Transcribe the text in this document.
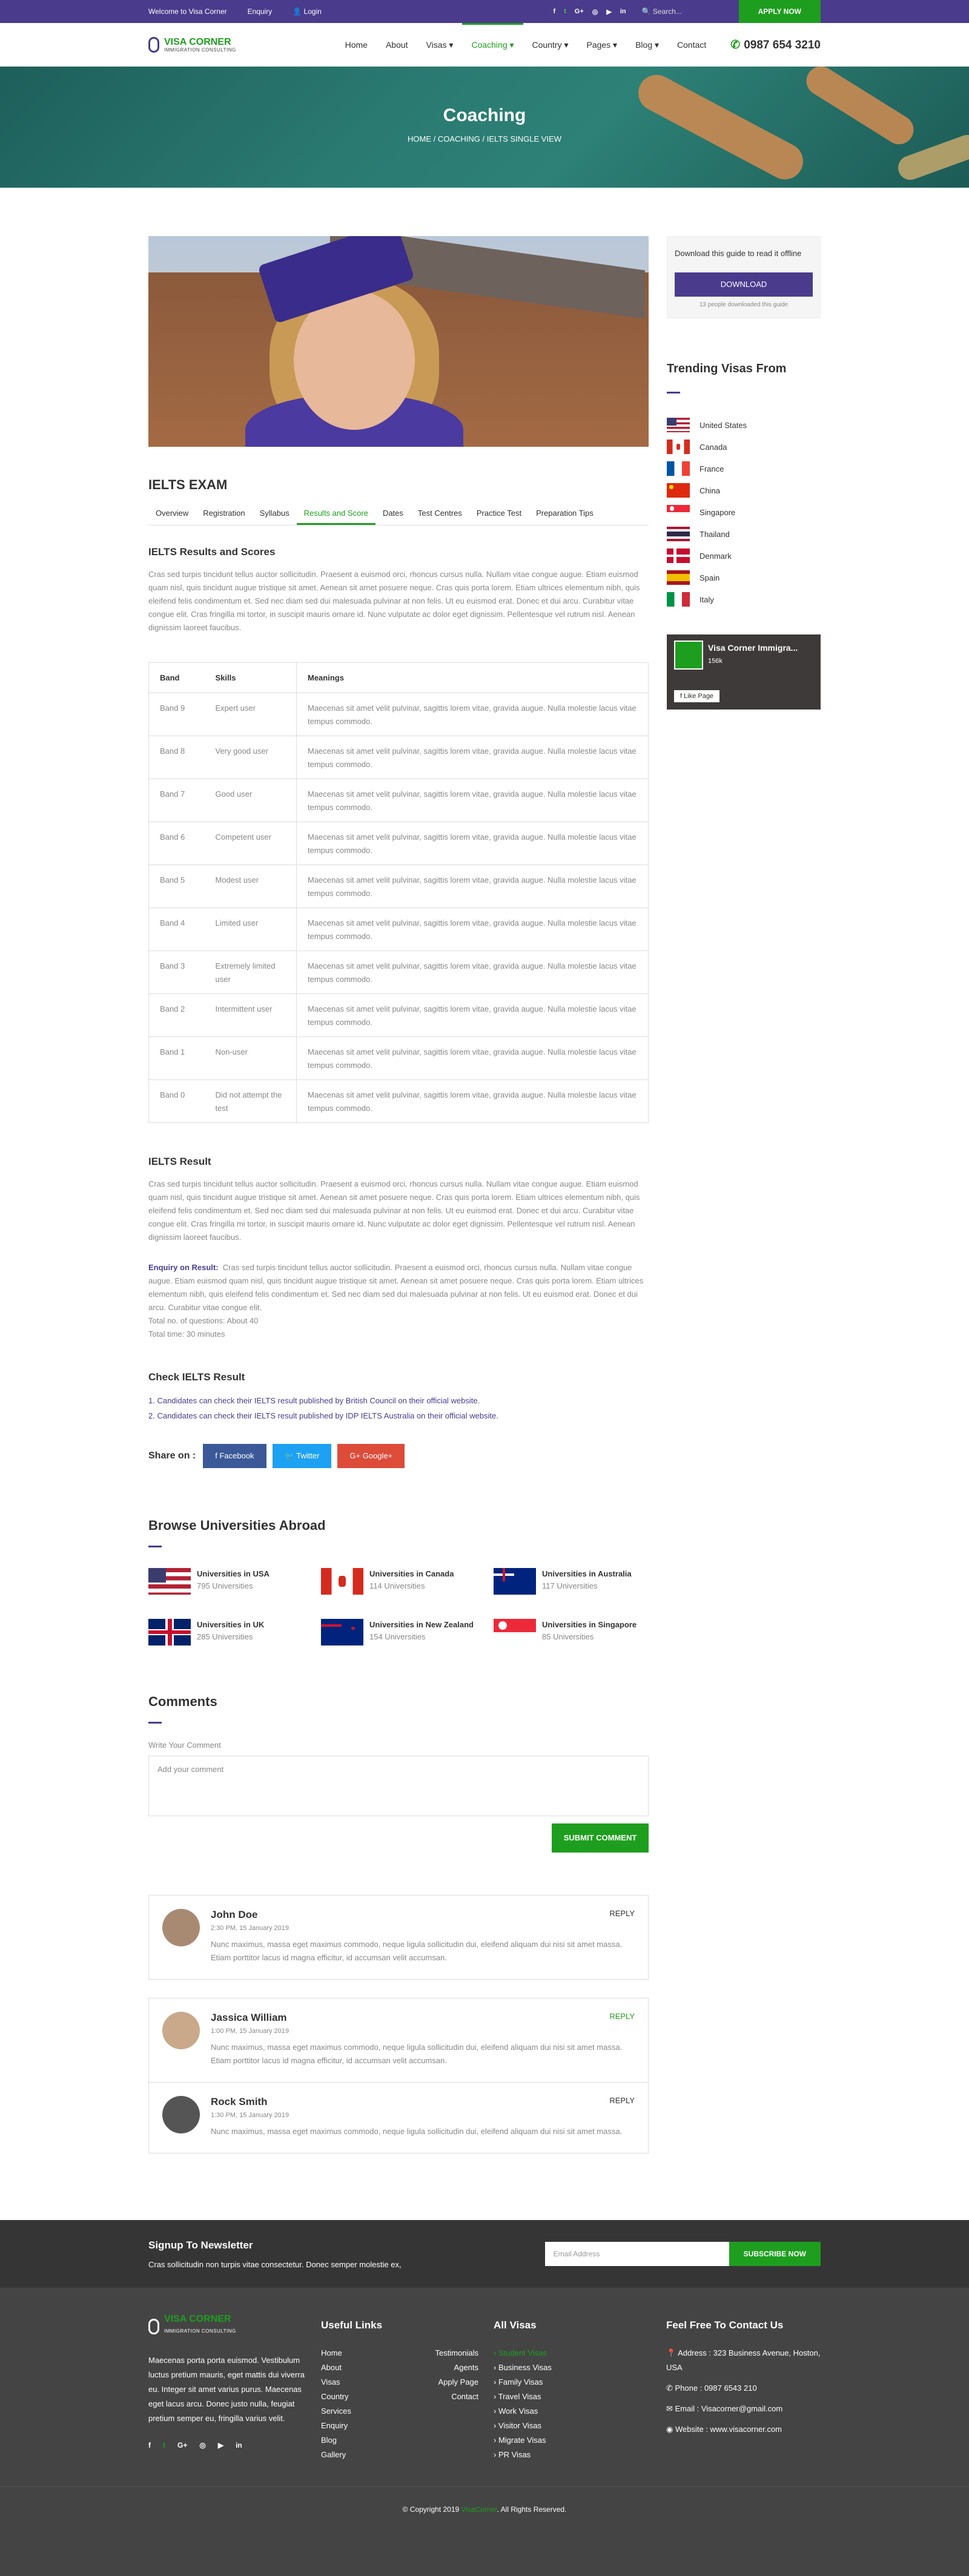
Welcome to Visa Corner	Enquiry	👤 Login	f t G+ ◎ ▶ in 🔍 Search...	APPLY NOW
VISA CORNER
IMMIGRATION CONSULTING	Home	About	Visas ▾	Coaching ▾	Country ▾	Pages ▾	Blog ▾	Contact	✆ 0987 654 3210
Coaching
HOME / COACHING / IELTS SINGLE VIEW
IELTS EXAM
Overview	Registration	Syllabus	Results and Score	Dates	Test Centres	Practice Test	Preparation Tips
IELTS Results and Scores

Cras sed turpis tincidunt tellus auctor sollicitudin. Praesent a euismod orci, rhoncus cursus nulla. Nullam vitae congue augue. Etiam euismod quam nisl, quis tincidunt augue tristique sit amet. Aenean sit amet posuere neque. Cras quis porta lorem. Etiam ultrices elementum nibh, quis eleifend felis condimentum et. Sed nec diam sed dui malesuada pulvinar at non felis. Ut eu euismod erat. Donec et dui arcu. Curabitur vitae congue elit. Cras fringilla mi tortor, in suscipit mauris ornare id. Nunc vulputate ac dolor eget dignissim. Pellentesque vel rutrum nisl. Aenean dignissim laoreet faucibus.

Band	Skills	Meanings
Band 9	Expert user	Maecenas sit amet velit pulvinar, sagittis lorem vitae, gravida augue. Nulla molestie lacus vitae tempus commodo.
Band 8	Very good user	Maecenas sit amet velit pulvinar, sagittis lorem vitae, gravida augue. Nulla molestie lacus vitae tempus commodo.
Band 7	Good user	Maecenas sit amet velit pulvinar, sagittis lorem vitae, gravida augue. Nulla molestie lacus vitae tempus commodo.
Band 6	Competent user	Maecenas sit amet velit pulvinar, sagittis lorem vitae, gravida augue. Nulla molestie lacus vitae tempus commodo.
Band 5	Modest user	Maecenas sit amet velit pulvinar, sagittis lorem vitae, gravida augue. Nulla molestie lacus vitae tempus commodo.
Band 4	Limited user	Maecenas sit amet velit pulvinar, sagittis lorem vitae, gravida augue. Nulla molestie lacus vitae tempus commodo.
Band 3	Extremely limited user	Maecenas sit amet velit pulvinar, sagittis lorem vitae, gravida augue. Nulla molestie lacus vitae tempus commodo.
Band 2	Intermittent user	Maecenas sit amet velit pulvinar, sagittis lorem vitae, gravida augue. Nulla molestie lacus vitae tempus commodo.
Band 1	Non-user	Maecenas sit amet velit pulvinar, sagittis lorem vitae, gravida augue. Nulla molestie lacus vitae tempus commodo.
Band 0	Did not attempt the test	Maecenas sit amet velit pulvinar, sagittis lorem vitae, gravida augue. Nulla molestie lacus vitae tempus commodo.
IELTS Result

Cras sed turpis tincidunt tellus auctor sollicitudin. Praesent a euismod orci, rhoncus cursus nulla. Nullam vitae congue augue. Etiam euismod quam nisl, quis tincidunt augue tristique sit amet. Aenean sit amet posuere neque. Cras quis porta lorem. Etiam ultrices elementum nibh, quis eleifend felis condimentum et. Sed nec diam sed dui malesuada pulvinar at non felis. Ut eu euismod erat. Donec et dui arcu. Curabitur vitae congue elit. Cras fringilla mi tortor, in suscipit mauris ornare id. Nunc vulputate ac dolor eget dignissim. Pellentesque vel rutrum nisl. Aenean dignissim laoreet faucibus.

Enquiry on Result: Cras sed turpis tincidunt tellus auctor sollicitudin. Praesent a euismod orci, rhoncus cursus nulla. Nullam vitae congue augue. Etiam euismod quam nisl, quis tincidunt augue tristique sit amet. Aenean sit amet posuere neque. Cras quis porta lorem. Etiam ultrices elementum nibh, quis eleifend felis condimentum et. Sed nec diam sed dui malesuada pulvinar at non felis. Ut eu euismod erat. Donec et dui arcu. Curabitur vitae congue elit.
Total no. of questions: About 40
Total time: 30 minutes
Check IELTS Result
1. Candidates can check their IELTS result published by British Council on their official website.
2. Candidates can check their IELTS result published by IDP IELTS Australia on their official website.
Share on :	f Facebook	🐦 Twitter	G+ Google+
Browse Universities Abroad
Universities in USA
795 Universities
Universities in Canada
114 Universities
Universities in Australia
117 Universities
Universities in UK
285 Universities
Universities in New Zealand
154 Universities
Universities in Singapore
85 Universities
Comments
Write Your Comment
Add your comment
SUBMIT COMMENT
John Doe
2:30 PM, 15 January 2019
Nunc maximus, massa eget maximus commodo, neque ligula sollicitudin dui, eleifend aliquam dui nisi sit amet massa. Etiam porttitor lacus id magna efficitur, id accumsan velit accumsan.
REPLY
Jassica William
1:00 PM, 15 January 2019
Nunc maximus, massa eget maximus commodo, neque ligula sollicitudin dui, eleifend aliquam dui nisi sit amet massa. Etiam porttitor lacus id magna efficitur, id accumsan velit accumsan.
REPLY
Rock Smith
1:30 PM, 15 January 2019
Nunc maximus, massa eget maximus commodo, neque ligula sollicitudin dui, eleifend aliquam dui nisi sit amet massa.
REPLY
Download this guide to read it offline
DOWNLOAD
13 people downloaded this guide
Trending Visas From
United States
Canada
France
China
Singapore
Thailand
Denmark
Spain
Italy
Visa Corner Immigra...
156k
f Like Page
Signup To Newsletter
Cras sollicitudin non turpis vitae consectetur. Donec semper molestie ex,
Email Address	SUBSCRIBE NOW
VISA CORNER
IMMIGRATION CONSULTING
Maecenas porta porta euismod. Vestibulum luctus pretium mauris, eget mattis dui viverra eu. Integer sit amet varius purus. Maecenas eget lacus arcu. Donec justo nulla, feugiat pretium semper eu, fringilla varius velit.
f t G+ ◎ ▶ in
Useful Links
Home
About
Visas
Country
Services
Enquiry
Blog
Gallery
Testimonials
Agents
Apply Page
Contact
All Visas
› Student Visas
› Business Visas
› Family Visas
› Travel Visas
› Work Visas
› Visitor Visas
› Migrate Visas
› PR Visas
Feel Free To Contact Us
📍 Address : 323 Business Avenue, Hoston, USA
✆ Phone : 0987 6543 210
✉ Email : Visacorner@gmail.com
◉ Website : www.visacorner.com
© Copyright 2019 VisaCorner. All Rights Reserved.
